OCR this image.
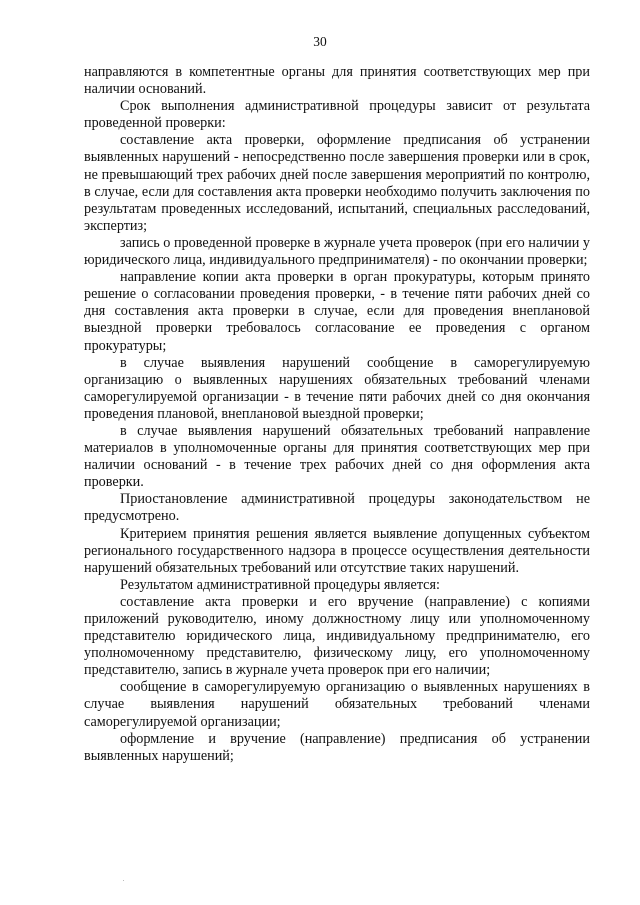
30

направляются в компетентные органы для принятия соответствующих мер при наличии оснований.

Срок выполнения административной процедуры зависит от результата проведенной проверки:

составление акта проверки, оформление предписания об устранении выявленных нарушений - непосредственно после завершения проверки или в срок, не превышающий трех рабочих дней после завершения мероприятий по контролю, в случае, если для составления акта проверки необходимо получить заключения по результатам проведенных исследований, испытаний, специальных расследований, экспертиз;

запись о проведенной проверке в журнале учета проверок (при его наличии у юридического лица, индивидуального предпринимателя) - по окончании проверки;

направление копии акта проверки в орган прокуратуры, которым принято решение о согласовании проведения проверки, - в течение пяти рабочих дней со дня составления акта проверки в случае, если для проведения внеплановой выездной проверки требовалось согласование ее проведения с органом прокуратуры;

в случае выявления нарушений сообщение в саморегулируемую организацию о выявленных нарушениях обязательных требований членами саморегулируемой организации - в течение пяти рабочих дней со дня окончания проведения плановой, внеплановой выездной проверки;

в случае выявления нарушений обязательных требований направление материалов в уполномоченные органы для принятия соответствующих мер при наличии оснований - в течение трех рабочих дней со дня оформления акта проверки.

Приостановление административной процедуры законодательством не предусмотрено.

Критерием принятия решения является выявление допущенных субъектом регионального государственного надзора в процессе осуществления деятельности нарушений обязательных требований или отсутствие таких нарушений.

Результатом административной процедуры является:

составление акта проверки и его вручение (направление) с копиями приложений руководителю, иному должностному лицу или уполномоченному представителю юридического лица, индивидуальному предпринимателю, его уполномоченному представителю, физическому лицу, его уполномоченному представителю, запись в журнале учета проверок при его наличии;

сообщение в саморегулируемую организацию о выявленных нарушениях в случае выявления нарушений обязательных требований членами саморегулируемой организации;

оформление и вручение (направление) предписания об устранении выявленных нарушений;
